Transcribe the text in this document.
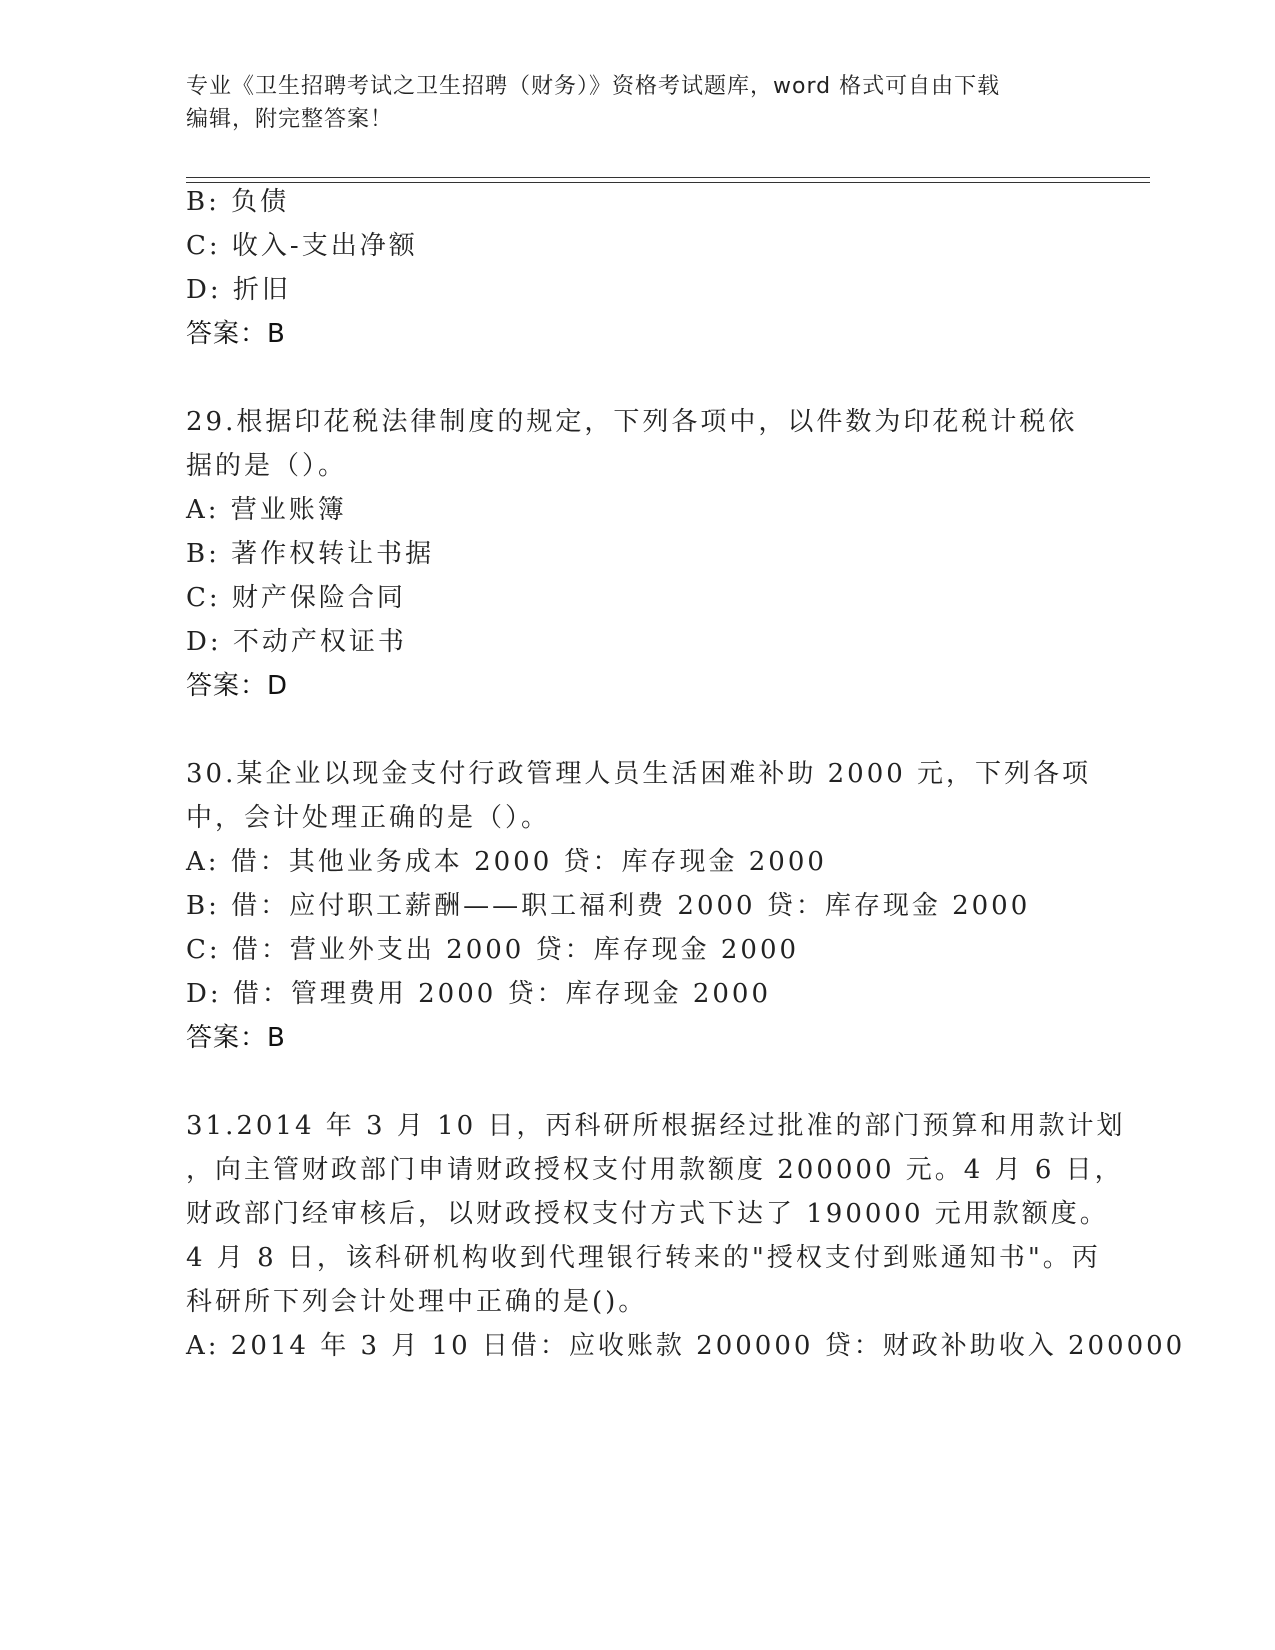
专业《卫生招聘考试之卫生招聘（财务）》资格考试题库，word 格式可自由下载
编辑，附完整答案！
B: 负债
C: 收入-支出净额
D: 折旧
答案：B
29.根据印花税法律制度的规定，下列各项中，以件数为印花税计税依
据的是（）。
A: 营业账簿
B: 著作权转让书据
C: 财产保险合同
D: 不动产权证书
答案：D
30.某企业以现金支付行政管理人员生活困难补助 2000 元，下列各项
中，会计处理正确的是（）。
A: 借：其他业务成本 2000 贷：库存现金 2000
B: 借：应付职工薪酬——职工福利费 2000 贷：库存现金 2000
C: 借：营业外支出 2000 贷：库存现金 2000
D: 借：管理费用 2000 贷：库存现金 2000
答案：B
31.2014 年 3 月 10 日，丙科研所根据经过批准的部门预算和用款计划
，向主管财政部门申请财政授权支付用款额度 200000 元。4 月 6 日，
财政部门经审核后，以财政授权支付方式下达了 190000 元用款额度。
4 月 8 日，该科研机构收到代理银行转来的"授权支付到账通知书"。丙
科研所下列会计处理中正确的是()。
A: 2014 年 3 月 10 日借：应收账款 200000 贷：财政补助收入 200000
